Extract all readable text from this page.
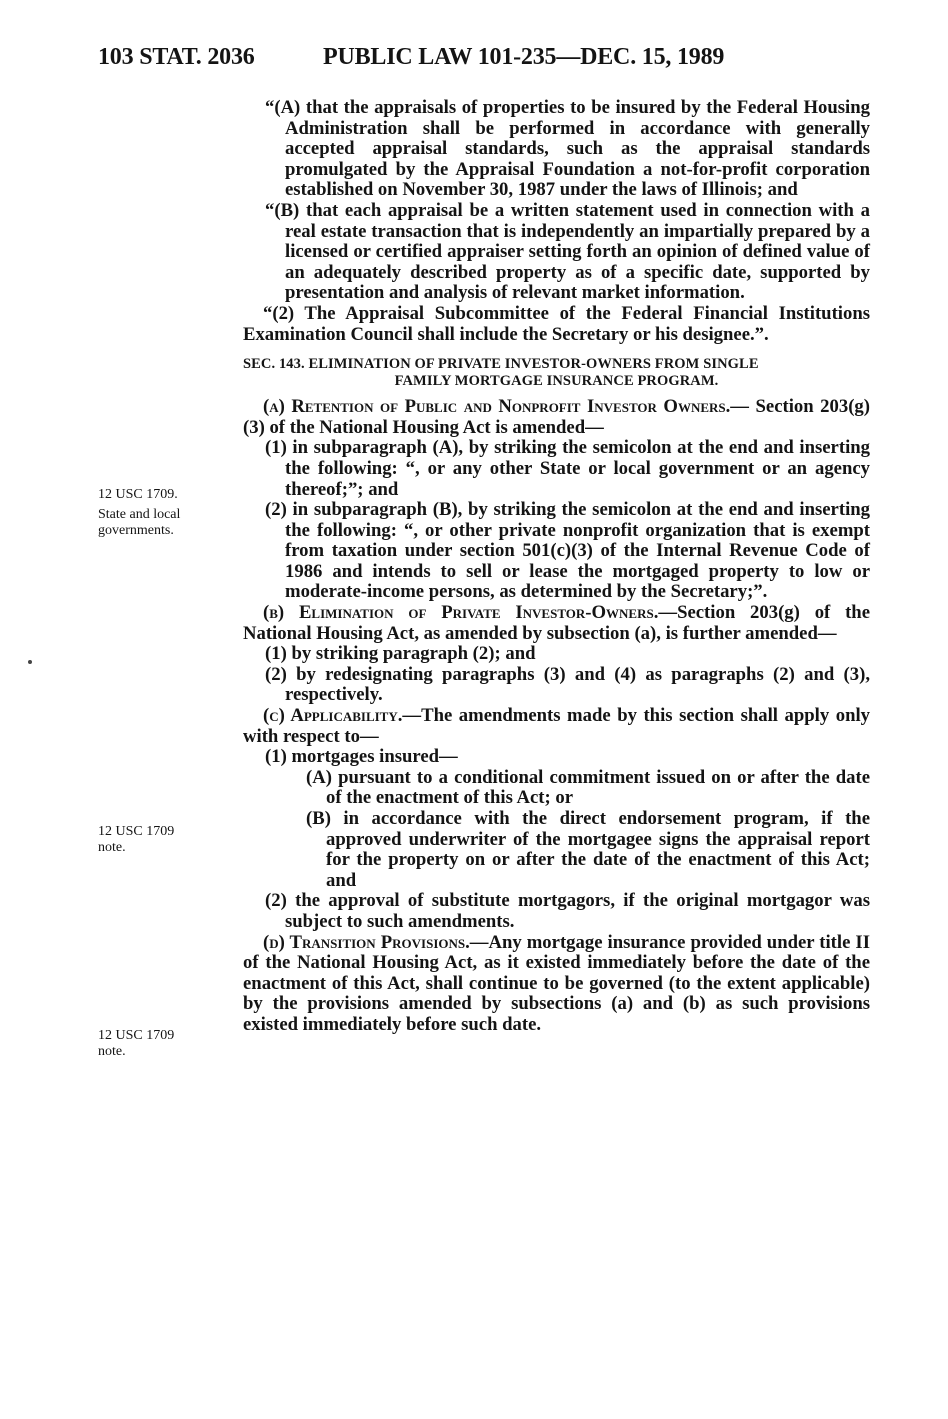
103 STAT. 2036	PUBLIC LAW 101-235—DEC. 15, 1989
12 USC 1709.
State and local
governments.
12 USC 1709
note.
12 USC 1709
note.

“(A) that the appraisals of properties to be insured by the Federal Housing Administration shall be performed in accordance with generally accepted appraisal standards, such as the appraisal standards promulgated by the Appraisal Foundation a not-for-profit corporation established on November 30, 1987 under the laws of Illinois; and

“(B) that each appraisal be a written statement used in connection with a real estate transaction that is independently an impartially prepared by a licensed or certified appraiser setting forth an opinion of defined value of an adequately described property as of a specific date, supported by presentation and analysis of relevant market information.

“(2) The Appraisal Subcommittee of the Federal Financial Institutions Examination Council shall include the Secretary or his designee.”.

SEC. 143. ELIMINATION OF PRIVATE INVESTOR-OWNERS FROM SINGLE
FAMILY MORTGAGE INSURANCE PROGRAM.

(a) Retention of Public and Nonprofit Investor Owners.— Section 203(g)(3) of the National Housing Act is amended—

(1) in subparagraph (A), by striking the semicolon at the end and inserting the following: “, or any other State or local government or an agency thereof;”; and

(2) in subparagraph (B), by striking the semicolon at the end and inserting the following: “, or other private nonprofit organization that is exempt from taxation under section 501(c)(3) of the Internal Revenue Code of 1986 and intends to sell or lease the mortgaged property to low or moderate-income persons, as determined by the Secretary;”.

(b) Elimination of Private Investor-Owners.—Section 203(g) of the National Housing Act, as amended by subsection (a), is further amended—

(1) by striking paragraph (2); and

(2) by redesignating paragraphs (3) and (4) as paragraphs (2) and (3), respectively.

(c) Applicability.—The amendments made by this section shall apply only with respect to—

(1) mortgages insured—

(A) pursuant to a conditional commitment issued on or after the date of the enactment of this Act; or

(B) in accordance with the direct endorsement program, if the approved underwriter of the mortgagee signs the appraisal report for the property on or after the date of the enactment of this Act; and

(2) the approval of substitute mortgagors, if the original mortgagor was subject to such amendments.

(d) Transition Provisions.—Any mortgage insurance provided under title II of the National Housing Act, as it existed immediately before the date of the enactment of this Act, shall continue to be governed (to the extent applicable) by the provisions amended by subsections (a) and (b) as such provisions existed immediately before such date.
